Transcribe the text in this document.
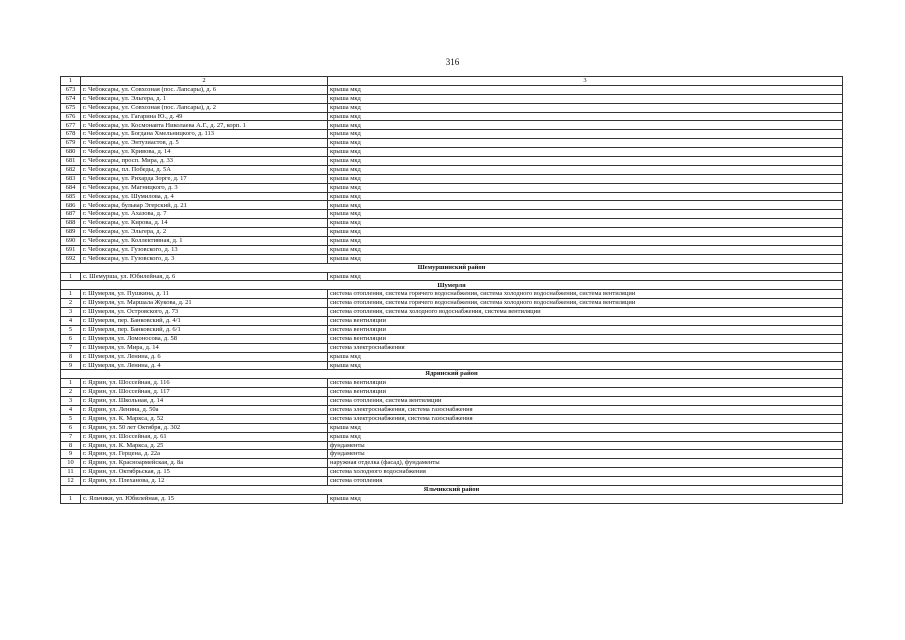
316
1	2	3
673	г. Чебоксары, ул. Совхозная (пос. Лапсары), д. 6	крыша мкд
674	г. Чебоксары, ул. Эльгера, д. 1	крыша мкд
675	г. Чебоксары, ул. Совхозная (пос. Лапсары), д. 2	крыша мкд
676	г. Чебоксары, ул. Гагарина Ю., д. 49	крыша мкд
677	г. Чебоксары, ул. Космонавта Николаева А.Г., д. 27, корп. 1	крыша мкд
678	г. Чебоксары, ул. Богдана Хмельницкого, д. 113	крыша мкд
679	г. Чебоксары, ул. Энтузиастов, д. 5	крыша мкд
680	г. Чебоксары, ул. Кривова, д. 14	крыша мкд
681	г. Чебоксары, просп. Мира, д. 33	крыша мкд
682	г. Чебоксары, пл. Победы, д. 5А	крыша мкд
683	г. Чебоксары, ул. Рихарда Зорге, д. 17	крыша мкд
684	г. Чебоксары, ул. Магницкого, д. 3	крыша мкд
685	г. Чебоксары, ул. Шумилова, д. 4	крыша мкд
686	г. Чебоксары, бульвар Эгерский, д. 21	крыша мкд
687	г. Чебоксары, ул. Ахазова, д. 7	крыша мкд
688	г. Чебоксары, ул. Кирова, д. 14	крыша мкд
689	г. Чебоксары, ул. Эльгера, д. 2	крыша мкд
690	г. Чебоксары, ул. Коллективная, д. 1	крыша мкд
691	г. Чебоксары, ул. Гузовского, д. 13	крыша мкд
692	г. Чебоксары, ул. Гузовского, д. 3	крыша мкд
Шемуршинский район		
1	с. Шемурша, ул. Юбилейная, д. 6	крыша мкд
Шумерля		
1	г. Шумерля, ул. Пушкина, д. 11	система отопления, система горячего водоснабжения, система холодного водоснабжения, система вентиляции
2	г. Шумерля, ул. Маршала Жукова, д. 21	система отопления, система горячего водоснабжения, система холодного водоснабжения, система вентиляции
3	г. Шумерля, ул. Островского, д. 73	система отопления, система холодного водоснабжения, система вентиляции
4	г. Шумерля, пер. Банковский, д. 4/1	система вентиляции
5	г. Шумерля, пер. Банковский, д. 6/1	система вентиляции
6	г. Шумерля, ул. Ломоносова, д. 58	система вентиляции
7	г. Шумерля, ул. Мира, д. 14	система электроснабжения
8	г. Шумерля, ул. Ленина, д. 6	крыша мкд
9	г. Шумерля, ул. Ленина, д. 4	крыша мкд
Ядринский район		
1	г. Ядрин, ул. Шоссейная, д. 116	система вентиляции
2	г. Ядрин, ул. Шоссейная, д. 117	система вентиляции
3	г. Ядрин, ул. Школьная, д. 14	система отопления, система вентиляции
4	г. Ядрин, ул. Ленина, д. 50а	система электроснабжения, система газоснабжения
5	г. Ядрин, ул. К. Маркса, д. 52	система электроснабжения, система газоснабжения
6	г. Ядрин, ул. 50 лет Октября, д. 302	крыша мкд
7	г. Ядрин, ул. Шоссейная, д. 61	крыша мкд
8	г. Ядрин, ул. К. Маркса, д. 25	фундаменты
9	г. Ядрин, ул. Герцена, д. 22а	фундаменты
10	г. Ядрин, ул. Красноармейская, д. 8а	наружная отделка (фасад), фундаменты
11	г. Ядрин, ул. Октябрьская, д. 15	система холодного водоснабжения
12	г. Ядрин, ул. Плеханова, д. 12	система отопления
Яльчикский район		
1	с. Яльчики, ул. Юбилейная, д. 15	крыша мкд
